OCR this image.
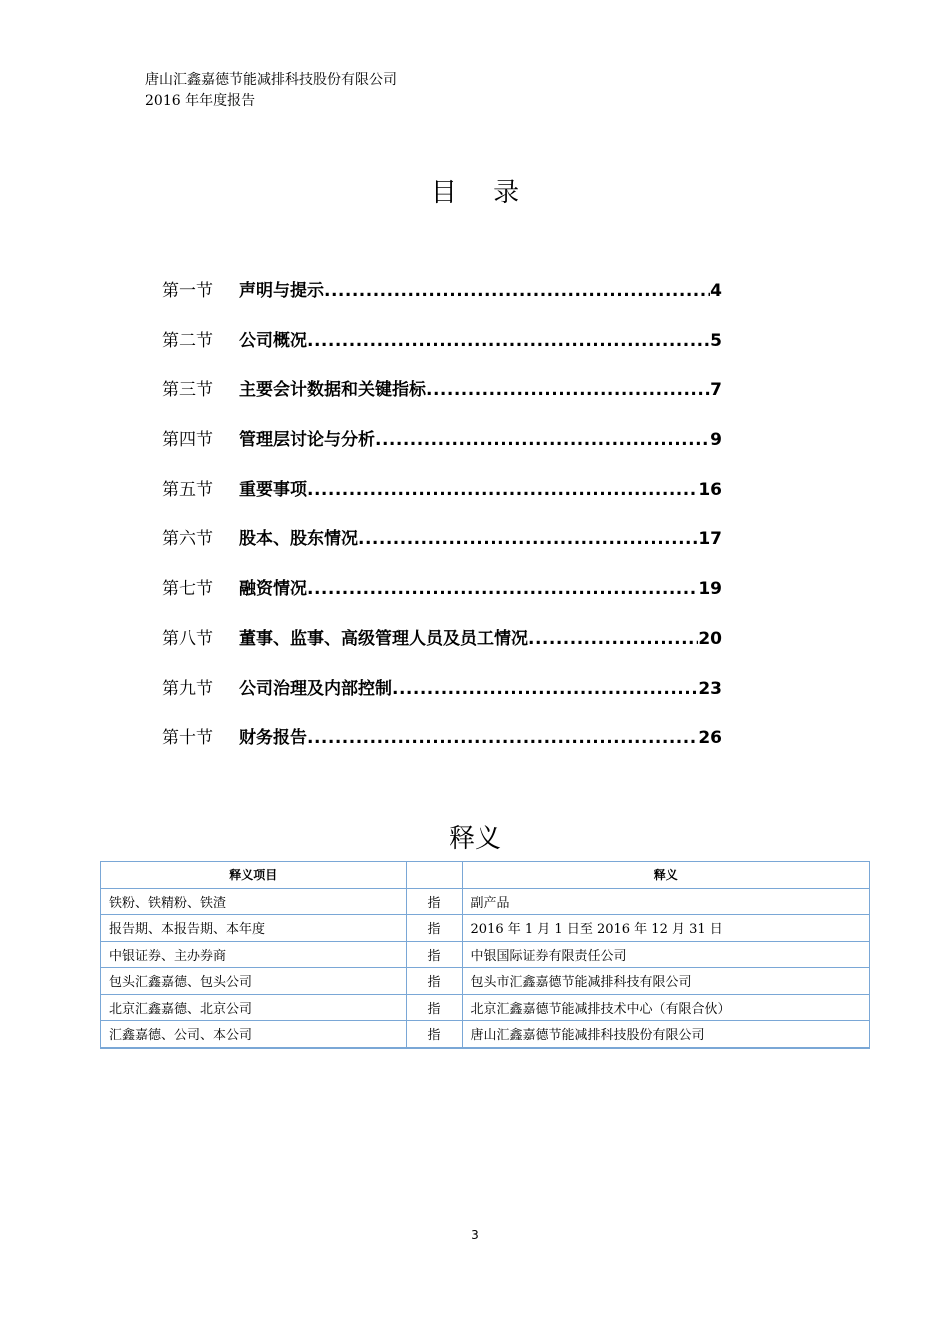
唐山汇鑫嘉德节能减排科技股份有限公司
2016 年年度报告
目 录
第一节	声明与提示 .....	4
第二节	公司概况 .....	5
第三节	主要会计数据和关键指标 .....	7
第四节	管理层讨论与分析 .....	9
第五节	重要事项 .....	16
第六节	股本、股东情况 .....	17
第七节	融资情况 .....	19
第八节	董事、监事、高级管理人员及员工情况 .....	20
第九节	公司治理及内部控制 .....	23
第十节	财务报告 .....	26
释义
释义项目		释义
铁粉、铁精粉、铁渣	指	副产品
报告期、本报告期、本年度	指	2016 年 1 月 1 日至 2016 年 12 月 31 日
中银证券、主办券商	指	中银国际证券有限责任公司
包头汇鑫嘉德、包头公司	指	包头市汇鑫嘉德节能减排科技有限公司
北京汇鑫嘉德、北京公司	指	北京汇鑫嘉德节能减排技术中心（有限合伙）
汇鑫嘉德、公司、本公司	指	唐山汇鑫嘉德节能减排科技股份有限公司
3
